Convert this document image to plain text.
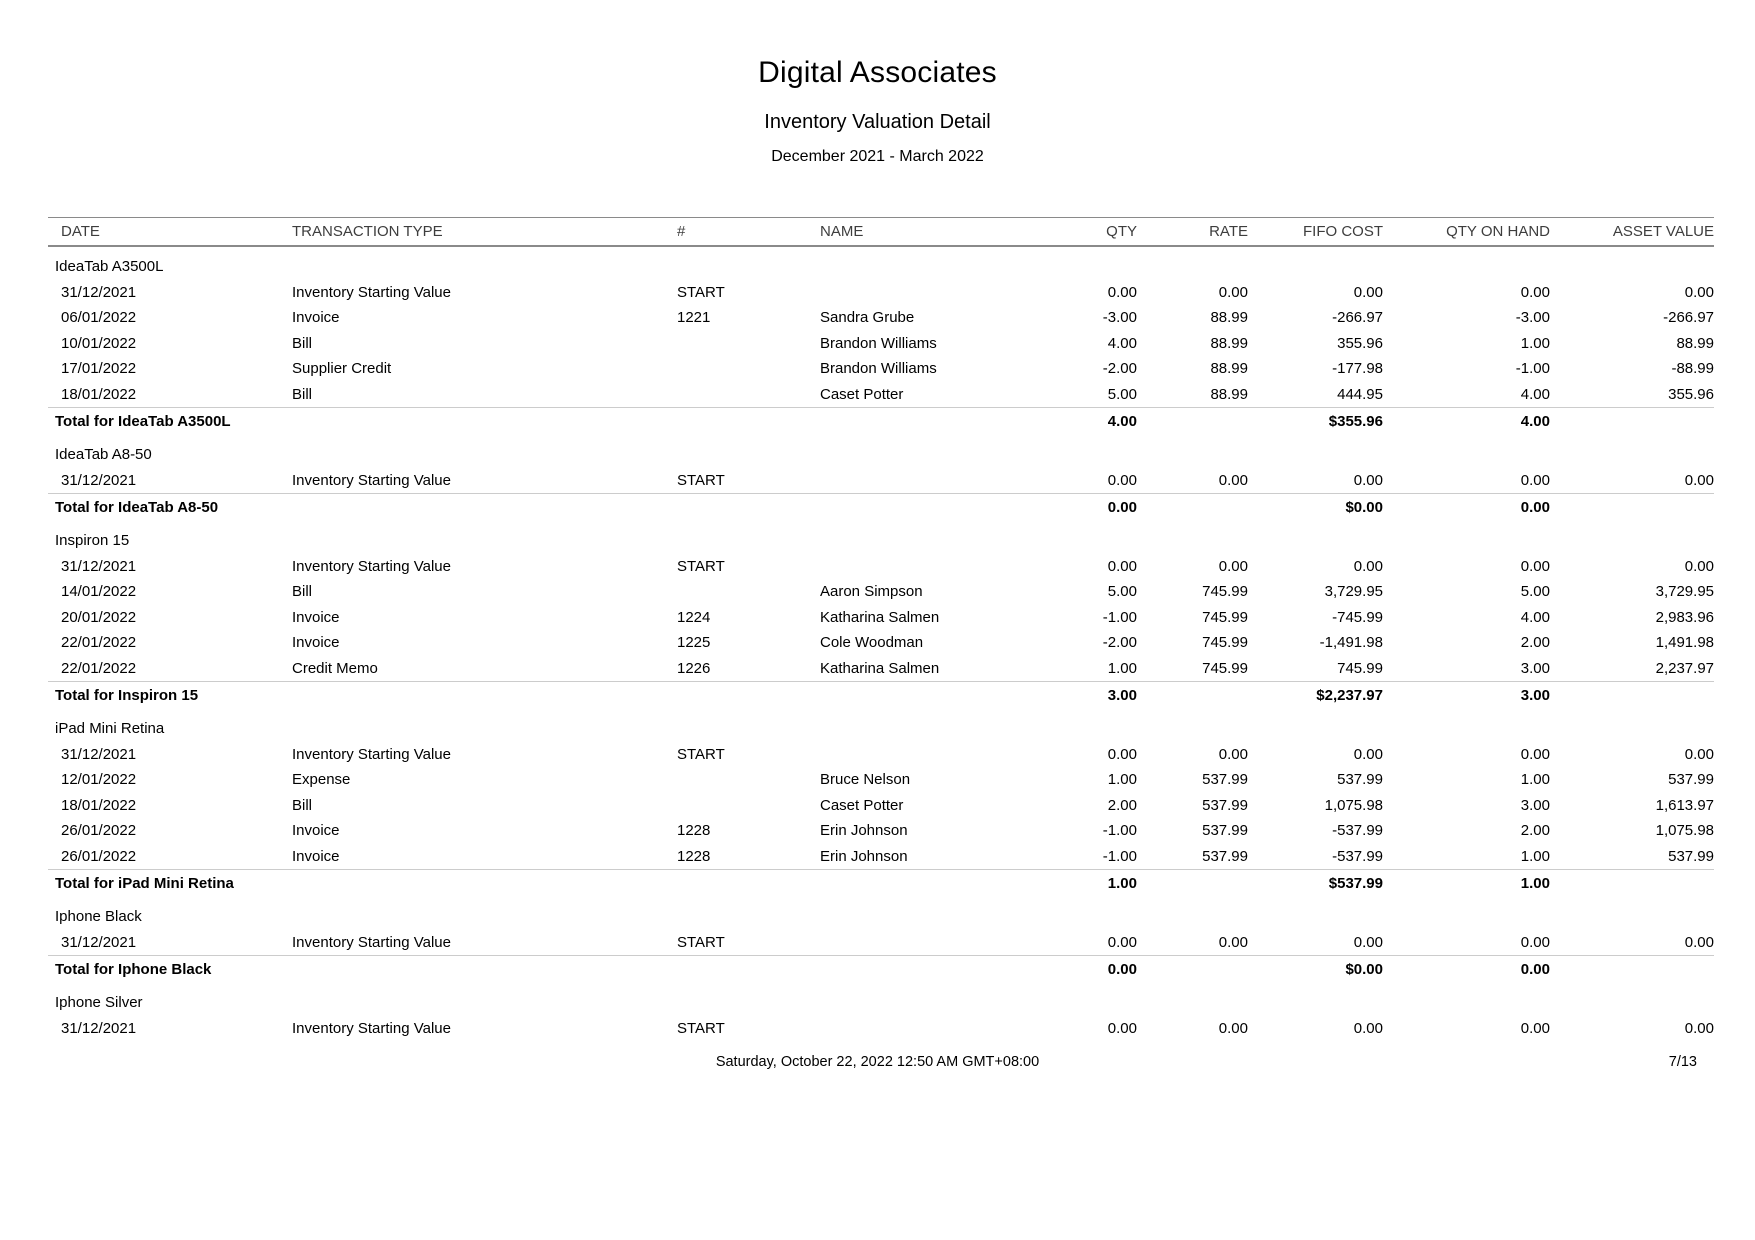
Digital Associates
Inventory Valuation Detail
December 2021 - March 2022
DATE	TRANSACTION TYPE	#	NAME	QTY	RATE	FIFO COST	QTY ON HAND	ASSET VALUE
IdeaTab A3500L								
31/12/2021	Inventory Starting Value	START		0.00	0.00	0.00	0.00	0.00
06/01/2022	Invoice	1221	Sandra Grube	-3.00	88.99	-266.97	-3.00	-266.97
10/01/2022	Bill		Brandon Williams	4.00	88.99	355.96	1.00	88.99
17/01/2022	Supplier Credit		Brandon Williams	-2.00	88.99	-177.98	-1.00	-88.99
18/01/2022	Bill		Caset Potter	5.00	88.99	444.95	4.00	355.96
Total for IdeaTab A3500L				4.00		$355.96	4.00	
IdeaTab A8-50								
31/12/2021	Inventory Starting Value	START		0.00	0.00	0.00	0.00	0.00
Total for IdeaTab A8-50				0.00		$0.00	0.00	
Inspiron 15								
31/12/2021	Inventory Starting Value	START		0.00	0.00	0.00	0.00	0.00
14/01/2022	Bill		Aaron Simpson	5.00	745.99	3,729.95	5.00	3,729.95
20/01/2022	Invoice	1224	Katharina Salmen	-1.00	745.99	-745.99	4.00	2,983.96
22/01/2022	Invoice	1225	Cole Woodman	-2.00	745.99	-1,491.98	2.00	1,491.98
22/01/2022	Credit Memo	1226	Katharina Salmen	1.00	745.99	745.99	3.00	2,237.97
Total for Inspiron 15				3.00		$2,237.97	3.00	
iPad Mini Retina								
31/12/2021	Inventory Starting Value	START		0.00	0.00	0.00	0.00	0.00
12/01/2022	Expense		Bruce Nelson	1.00	537.99	537.99	1.00	537.99
18/01/2022	Bill		Caset Potter	2.00	537.99	1,075.98	3.00	1,613.97
26/01/2022	Invoice	1228	Erin Johnson	-1.00	537.99	-537.99	2.00	1,075.98
26/01/2022	Invoice	1228	Erin Johnson	-1.00	537.99	-537.99	1.00	537.99
Total for iPad Mini Retina				1.00		$537.99	1.00	
Iphone Black								
31/12/2021	Inventory Starting Value	START		0.00	0.00	0.00	0.00	0.00
Total for Iphone Black				0.00		$0.00	0.00	
Iphone Silver								
31/12/2021	Inventory Starting Value	START		0.00	0.00	0.00	0.00	0.00
Saturday, October 22, 2022 12:50 AM GMT+08:00	7/13
